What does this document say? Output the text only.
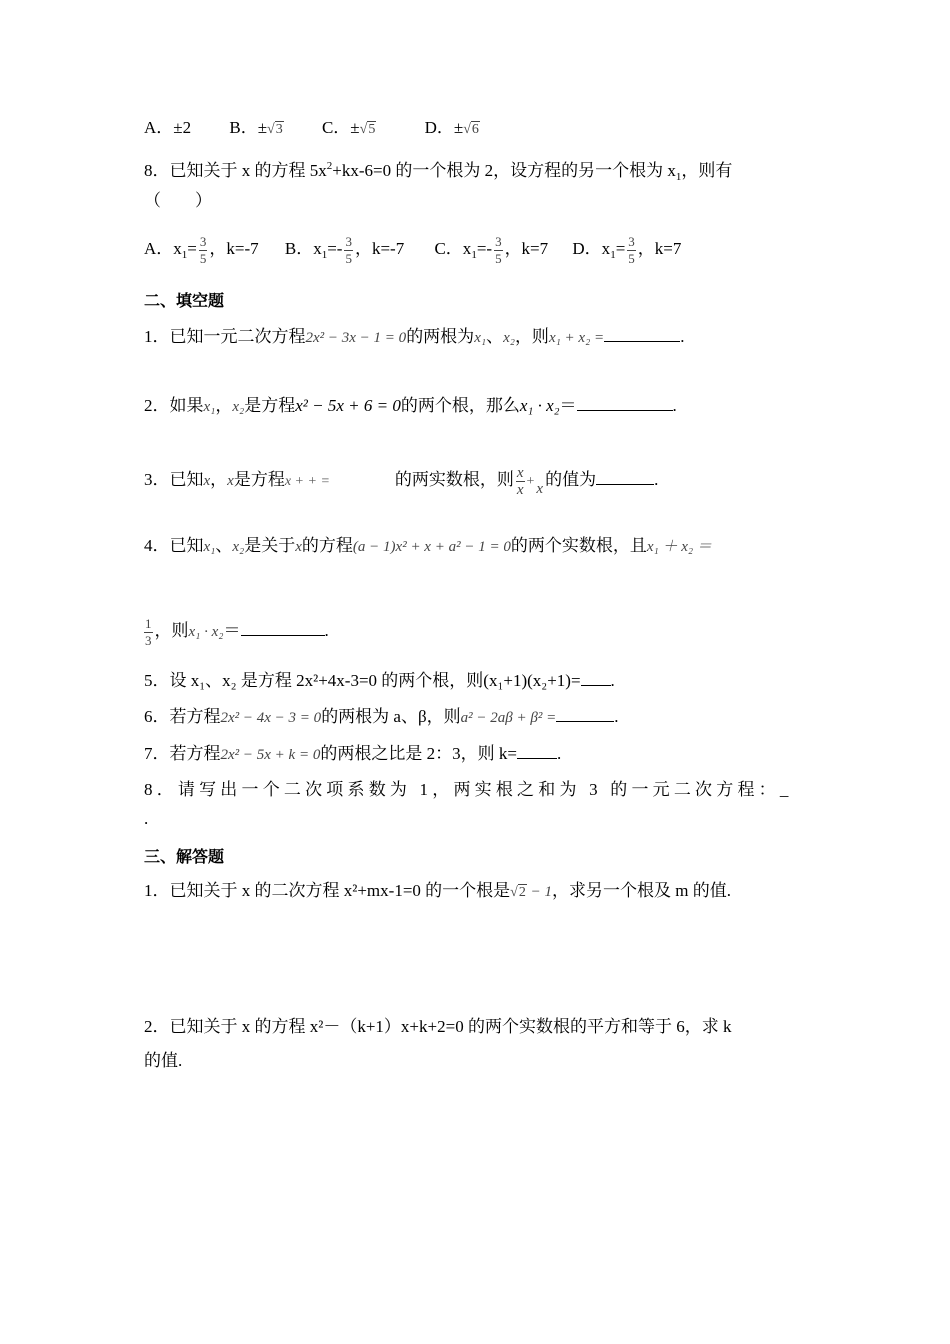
A．±2 B．±√3 C．±√5	D．±√6
8．已知关于 x 的方程 $5x^2+kx-6=0$ 的一个根为 2，设方程的另一个根为 $x_1$，则有
（　　）
A．$x_1= \frac{3}{5}$ ，k=-7 B．$x_1=- \frac{3}{5}$ ，k=-7 C．$x_1=- \frac{3}{5}$ ，k=7 D．$x_1= \frac{3}{5}$ ，k=7
二、填空题
1．已知一元二次方程2x² − 3x − 1 = 0的两根为x₁、x₂，则x₁ + x₂ =	.
2．如果x₁，x₂是方程x² − 5x + 6 = 0的两个根，那么x₁ · x₂＝	.
3．已知x，x是方程x + + =	的两实数根，则 $\frac{x}{x}$ +
x
的值为	.
4．已知x₁、x₂是关于x的方程(a − 1)x² + x + a² − 1 = 0的两个实数根，且x₁ ＋ x₂ ＝
$\frac{1}{3}$ ，则x₁ · x₂＝	.
5．设 x₁、x₂ 是方程 2x²+4x-3=0 的两个根，则(x₁+1)(x₂+1)= .
6．若方程2x² − 4x − 3 = 0的两根为 a、β，则a² − 2aβ + β² =	.
7．若方程2x² − 5x + k = 0的两根之比是 2：3，则 k= .
8．请写出一个二次项系数为 1，两实根之和为 3 的一元二次方程：_
.
三、解答题
1．已知关于 x 的二次方程 x²+mx-1=0 的一个根是√2 − 1，求另一个根及 m 的值.
2．已知关于 x 的方程 x²－（k+1）x+k+2=0 的两个实数根的平方和等于 6，求 k
的值.
